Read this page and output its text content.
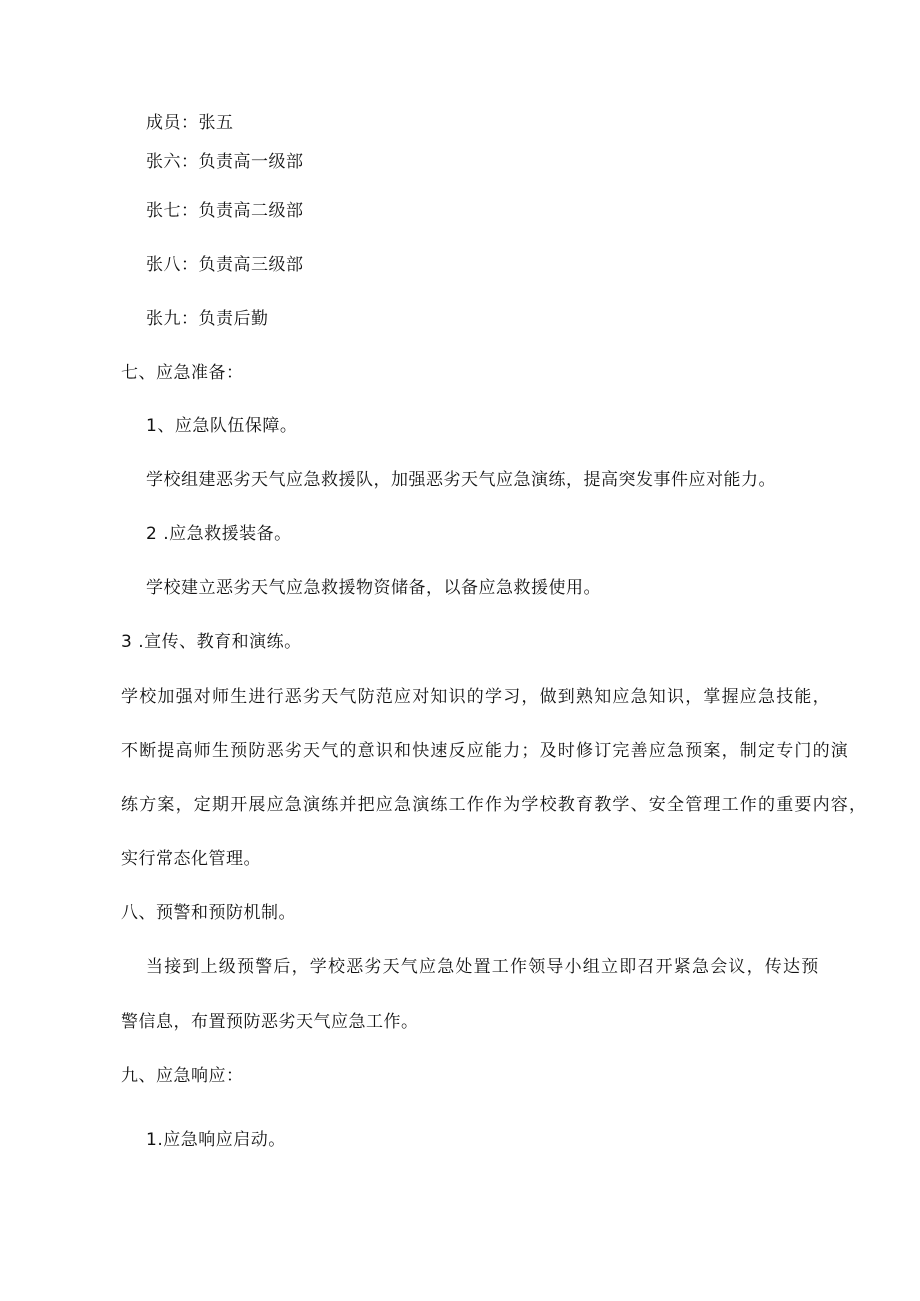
成员：张五
张六：负责高一级部
张七：负责高二级部
张八：负责高三级部
张九：负责后勤
七、应急准备：
1、应急队伍保障。
学校组建恶劣天气应急救援队，加强恶劣天气应急演练，提高突发事件应对能力。
2 .应急救援装备。
学校建立恶劣天气应急救援物资储备，以备应急救援使用。
3 .宣传、教育和演练。
学校加强对师生进行恶劣天气防范应对知识的学习，做到熟知应急知识，掌握应急技能，
不断提高师生预防恶劣天气的意识和快速反应能力；及时修订完善应急预案，制定专门的演
练方案，定期开展应急演练并把应急演练工作作为学校教育教学、安全管理工作的重要内容，
实行常态化管理。
八、预警和预防机制。
当接到上级预警后，学校恶劣天气应急处置工作领导小组立即召开紧急会议，传达预
警信息，布置预防恶劣天气应急工作。
九、应急响应：
1.应急响应启动。
